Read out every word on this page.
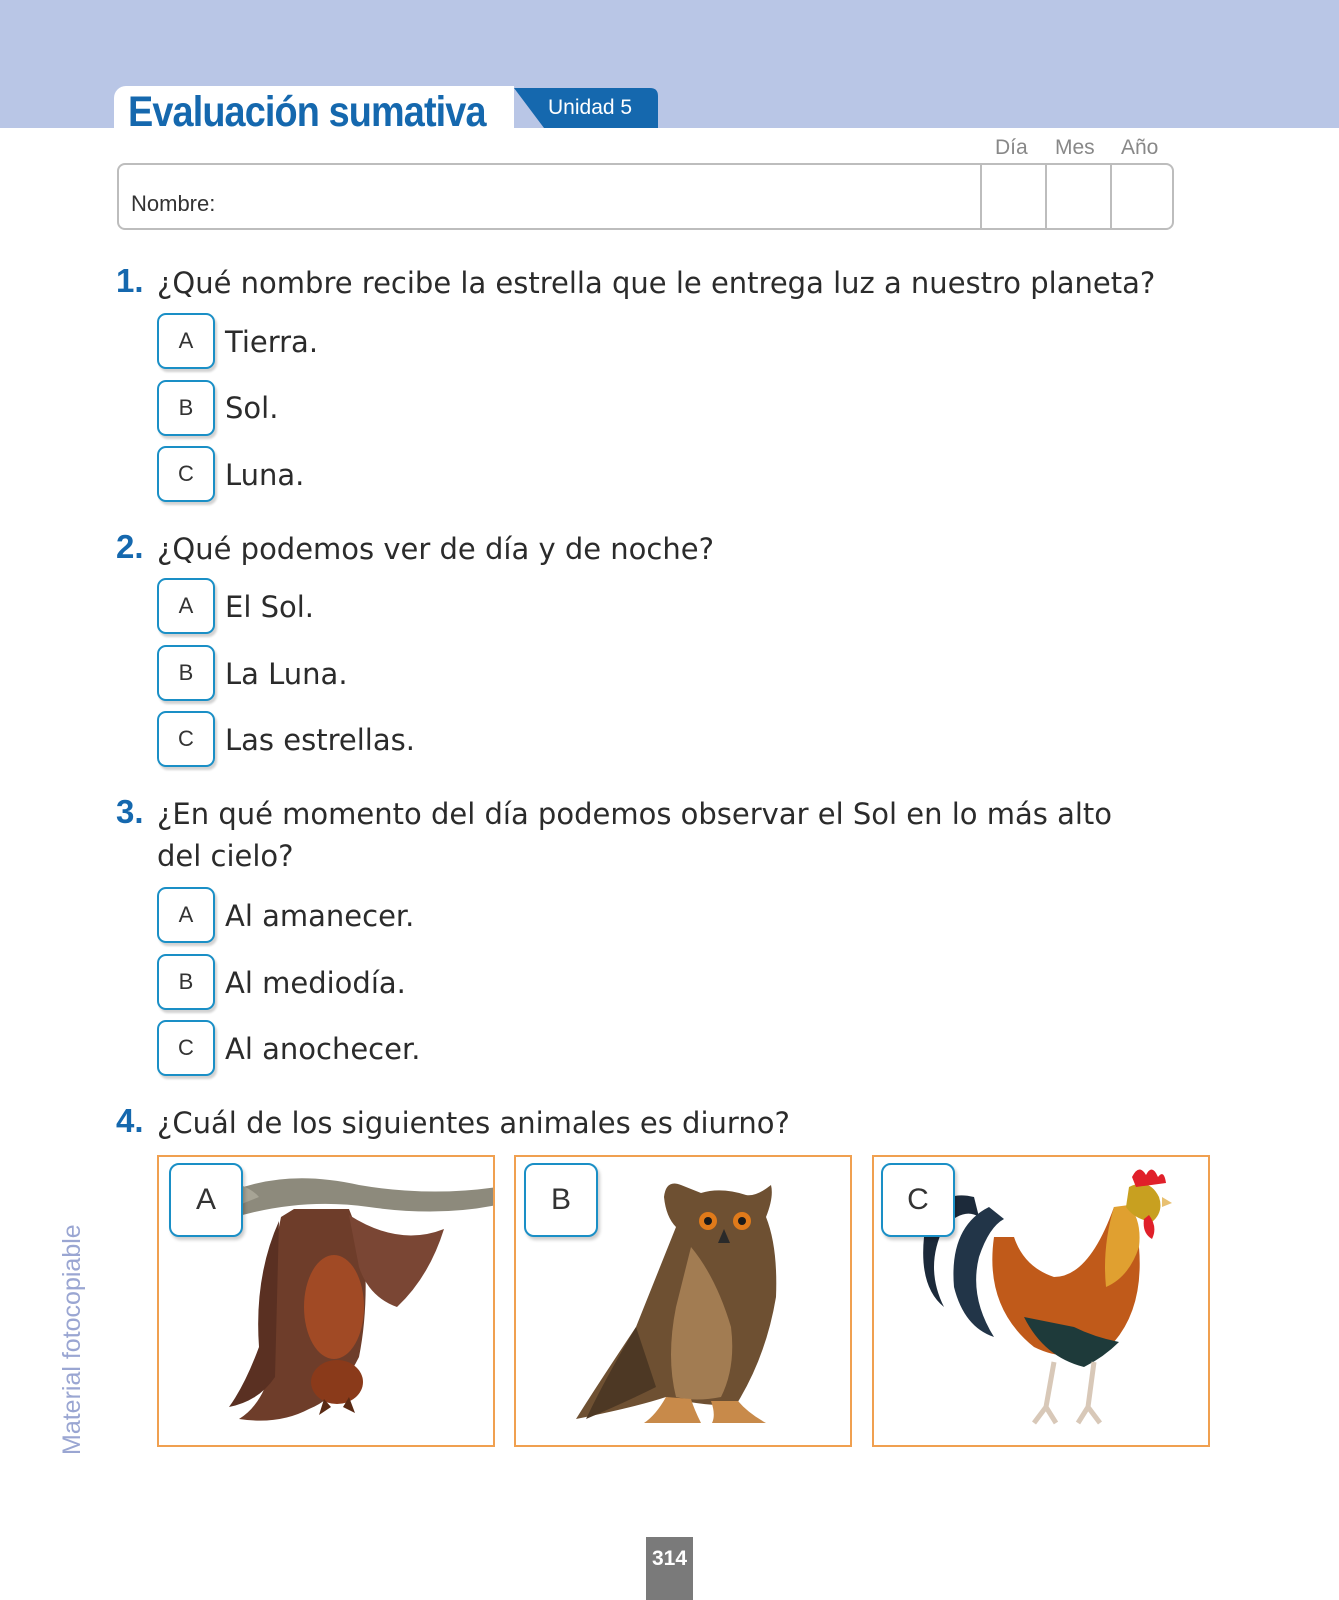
Evaluación sumativa	Unidad 5
Día Mes Año
Nombre:
1. ¿Qué nombre recibe la estrella que le entrega luz a nuestro planeta?
A	Tierra.
B	Sol.
C	Luna.
2. ¿Qué podemos ver de día y de noche?
A	El Sol.
B	La Luna.
C	Las estrellas.
3. ¿En qué momento del día podemos observar el Sol en lo más alto
del cielo?
A	Al amanecer.
B	Al mediodía.
C	Al anochecer.
4. ¿Cuál de los siguientes animales es diurno?
A	B	C
Material fotocopiable
314
